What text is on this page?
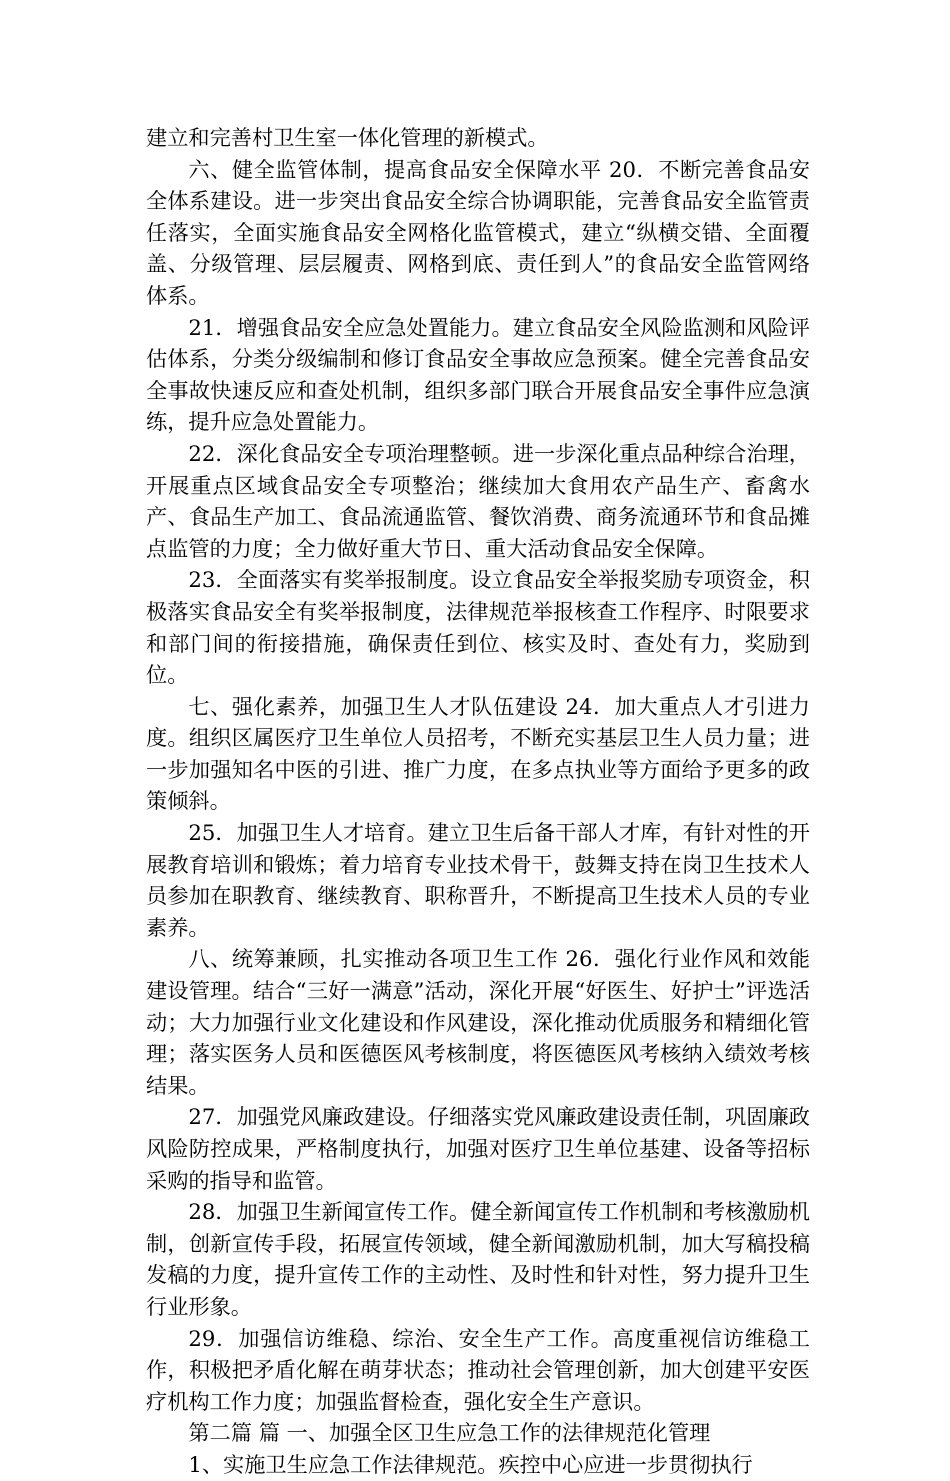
建立和完善村卫生室一体化管理的新模式。

六、健全监管体制，提高食品安全保障水平 20．不断完善食品安全体系建设。进一步突出食品安全综合协调职能，完善食品安全监管责任落实，全面实施食品安全网格化监管模式，建立“纵横交错、全面覆盖、分级管理、层层履责、网格到底、责任到人”的食品安全监管网络体系。

21．增强食品安全应急处置能力。建立食品安全风险监测和风险评估体系，分类分级编制和修订食品安全事故应急预案。健全完善食品安全事故快速反应和查处机制，组织多部门联合开展食品安全事件应急演练，提升应急处置能力。

22．深化食品安全专项治理整顿。进一步深化重点品种综合治理，开展重点区域食品安全专项整治；继续加大食用农产品生产、畜禽水产、食品生产加工、食品流通监管、餐饮消费、商务流通环节和食品摊点监管的力度；全力做好重大节日、重大活动食品安全保障。

23．全面落实有奖举报制度。设立食品安全举报奖励专项资金，积极落实食品安全有奖举报制度，法律规范举报核查工作程序、时限要求和部门间的衔接措施，确保责任到位、核实及时、查处有力，奖励到位。

七、强化素养，加强卫生人才队伍建设 24．加大重点人才引进力度。组织区属医疗卫生单位人员招考，不断充实基层卫生人员力量；进一步加强知名中医的引进、推广力度，在多点执业等方面给予更多的政策倾斜。

25．加强卫生人才培育。建立卫生后备干部人才库，有针对性的开展教育培训和锻炼；着力培育专业技术骨干，鼓舞支持在岗卫生技术人员参加在职教育、继续教育、职称晋升，不断提高卫生技术人员的专业素养。

八、统筹兼顾，扎实推动各项卫生工作 26．强化行业作风和效能建设管理。结合“三好一满意”活动，深化开展“好医生、好护士”评选活动；大力加强行业文化建设和作风建设，深化推动优质服务和精细化管理；落实医务人员和医德医风考核制度，将医德医风考核纳入绩效考核结果。

27．加强党风廉政建设。仔细落实党风廉政建设责任制，巩固廉政风险防控成果，严格制度执行，加强对医疗卫生单位基建、设备等招标采购的指导和监管。

28．加强卫生新闻宣传工作。健全新闻宣传工作机制和考核激励机制，创新宣传手段，拓展宣传领域，健全新闻激励机制，加大写稿投稿发稿的力度，提升宣传工作的主动性、及时性和针对性，努力提升卫生行业形象。

29．加强信访维稳、综治、安全生产工作。高度重视信访维稳工作，积极把矛盾化解在萌芽状态；推动社会管理创新，加大创建平安医疗机构工作力度；加强监督检查，强化安全生产意识。

第二篇 篇 一、加强全区卫生应急工作的法律规范化管理

1、实施卫生应急工作法律规范。疾控中心应进一步贯彻执行
